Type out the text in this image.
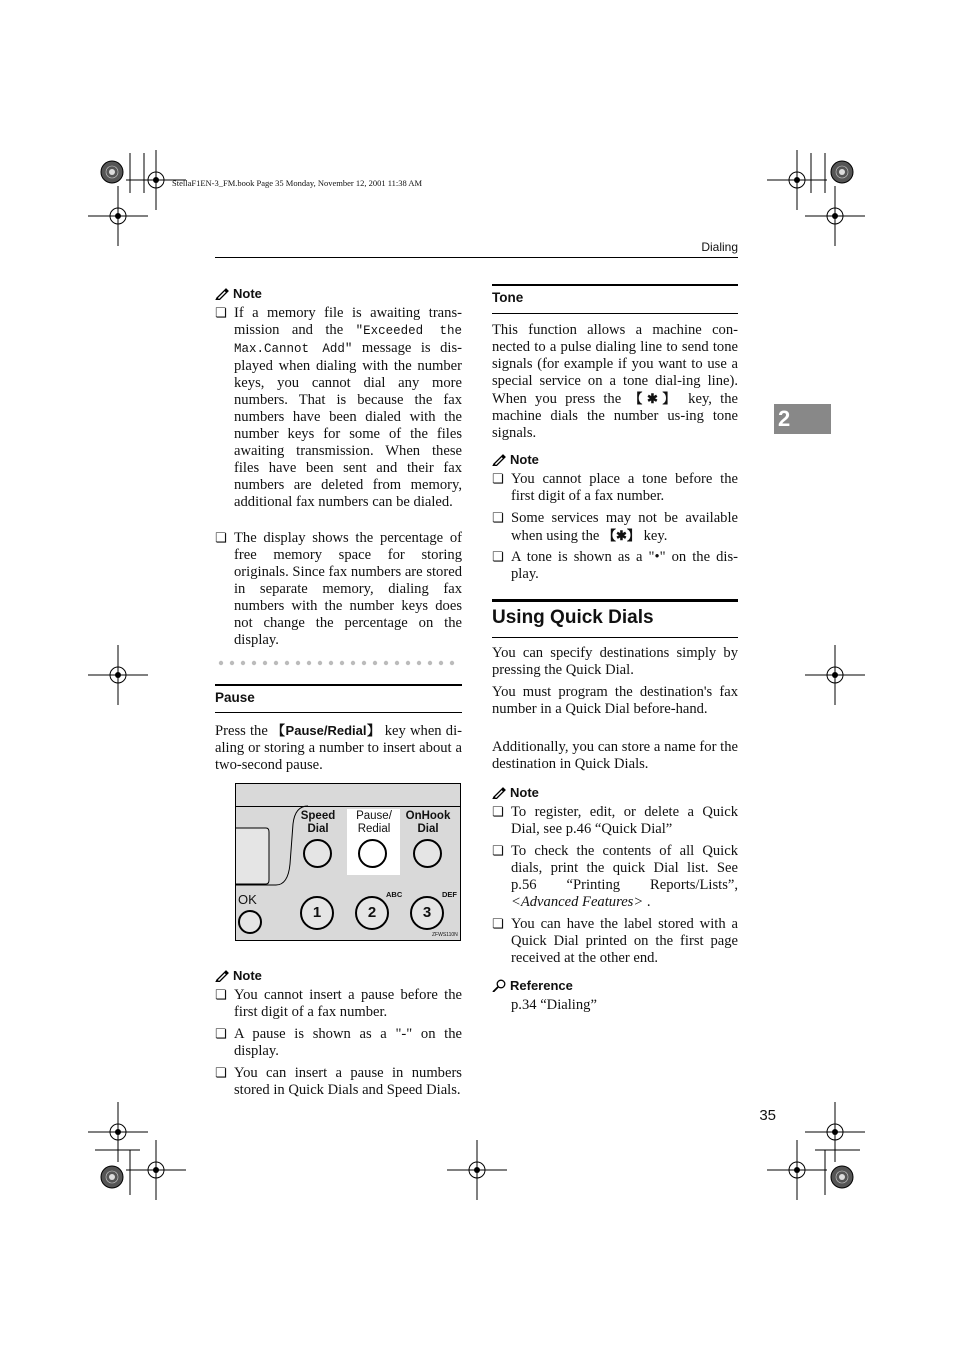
StellaF1EN-3_FM.book Page 35 Monday, November 12, 2001 11:38 AM
Dialing
2
Note
❏ If a memory file is awaiting trans-mission and the "Exceeded the Max.Cannot Add" message is dis-played when dialing with the number keys, you cannot dial any more numbers. That is because the fax numbers have been dialed with the number keys for some of the files awaiting transmission. When these files have been sent and their fax numbers are deleted from memory, additional fax numbers can be dialed.
❏ The display shows the percentage of free memory space for storing originals. Since fax numbers are stored in separate memory, dialing fax numbers with the number keys does not change the percentage on the display.
Pause
Press the 【Pause/Redial】 key when di-aling or storing a number to insert about a two-second pause.
Speed
Dial
Pause/
Redial
OnHook
Dial
OK
1	2	3
ABC	DEF
ZFWS110N
Note
❏ You cannot insert a pause before the first digit of a fax number.
❏ A pause is shown as a "-" on the display.
❏ You can insert a pause in numbers stored in Quick Dials and Speed Dials.
Tone
This function allows a machine con-nected to a pulse dialing line to send tone signals (for example if you want to use a special service on a tone dial-ing line). When you press the 【✱】 key, the machine dials the number us-ing tone signals.
Note
❏ You cannot place a tone before the first digit of a fax number.
❏ Some services may not be available when using the 【✱】 key.
❏ A tone is shown as a "•" on the dis-play.
Using Quick Dials
You can specify destinations simply by pressing the Quick Dial.
You must program the destination's fax number in a Quick Dial before-hand.
Additionally, you can store a name for the destination in Quick Dials.
Note
❏ To register, edit, or delete a Quick Dial, see p.46 “Quick Dial”
❏ To check the contents of all Quick dials, print the quick Dial list. See p.56 “Printing Reports/Lists”, <Advanced Features> .
❏ You can have the label stored with a Quick Dial printed on the first page received at the other end.
Reference
p.34 “Dialing”
35
